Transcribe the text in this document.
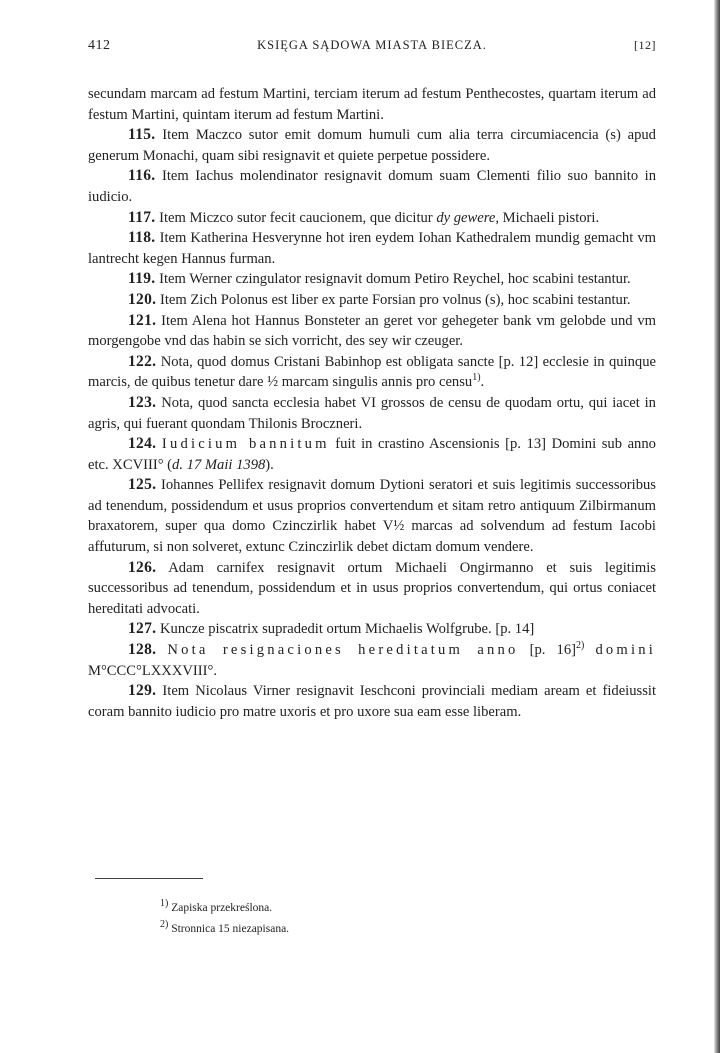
412	KSIĘGA SĄDOWA MIASTA BIECZA.	[12]

secundam marcam ad festum Martini, terciam iterum ad festum Penthecostes, quartam iterum ad festum Martini, quintam iterum ad festum Martini.

115. Item Maczco sutor emit domum humuli cum alia terra circumiacencia (s) apud generum Monachi, quam sibi resignavit et quiete perpetue possidere.

116. Item Iachus molendinator resignavit domum suam Clementi filio suo bannito in iudicio.

117. Item Miczco sutor fecit caucionem, que dicitur dy gewere, Michaeli pistori.

118. Item Katherina Hesverynne hot iren eydem Iohan Kathedralem mundig gemacht vm lantrecht kegen Hannus furman.

119. Item Werner czingulator resignavit domum Petiro Reychel, hoc scabini testantur.

120. Item Zich Polonus est liber ex parte Forsian pro volnus (s), hoc scabini testantur.

121. Item Alena hot Hannus Bonsteter an geret vor gehegeter bank vm gelobde und vm morgengobe vnd das habin se sich vorricht, des sey wir czeuger.

122. Nota, quod domus Cristani Babinhop est obligata sancte [p. 12] ecclesie in quinque marcis, de quibus tenetur dare ½ marcam singulis annis pro censu$^{1)}$.

123. Nota, quod sancta ecclesia habet VI grossos de censu de quodam ortu, qui iacet in agris, qui fuerant quondam Thilonis Broczneri.

124. Iudicium bannitum fuit in crastino Ascensionis [p. 13] Domini sub anno etc. XCVIII° (d. 17 Maii 1398).

125. Iohannes Pellifex resignavit domum Dytioni seratori et suis legitimis successoribus ad tenendum, possidendum et usus proprios convertendum et sitam retro antiquum Zilbirmanum braxatorem, super qua domo Czinczirlik habet V½ marcas ad solvendum ad festum Iacobi affuturum, si non solveret, extunc Czinczirlik debet dictam domum vendere.

126. Adam carnifex resignavit ortum Michaeli Ongirmanno et suis legitimis successoribus ad tenendum, possidendum et in usus proprios convertendum, qui ortus coniacet hereditati advocati.

127. Kuncze piscatrix supradedit ortum Michaelis Wolfgrube. [p. 14]

128. Nota resignaciones hereditatum anno [p. 16]$^{2)}$ domini M°CCC°LXXXVIII°.

129. Item Nicolaus Virner resignavit Ieschconi provinciali mediam aream et fideiussit coram bannito iudicio pro matre uxoris et pro uxore sua eam esse liberam.

1) Zapiska przekreślona.
2) Stronnica 15 niezapisana.
